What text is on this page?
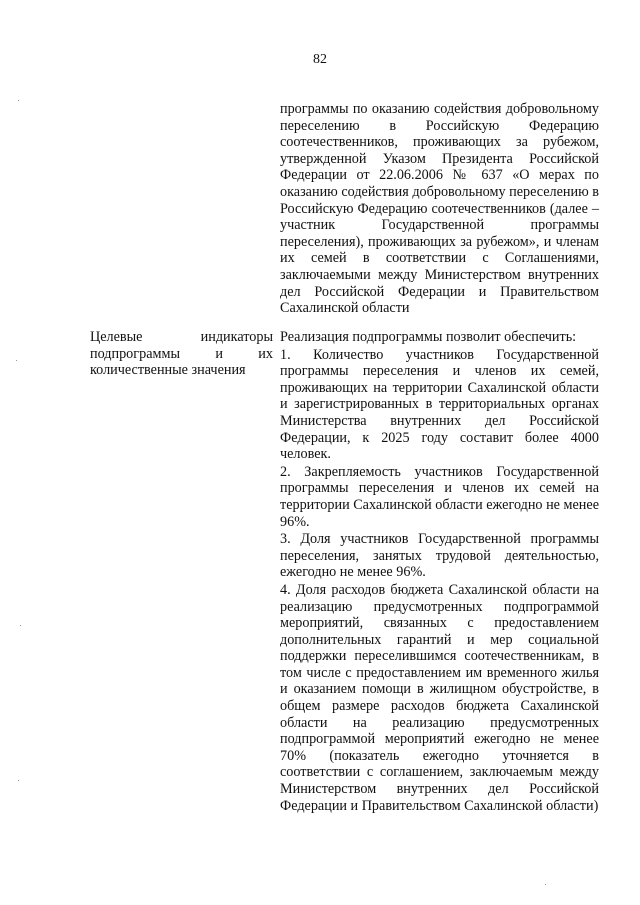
82

программы по оказанию содействия добровольному переселению в Российскую Федерацию соотечественников, проживающих за рубежом, утвержденной Указом Президента Российской Федерации от 22.06.2006 № 637 «О мерах по оказанию содействия добровольному переселению в Российскую Федерацию соотечественников (далее – участник Государственной программы переселения), проживающих за рубежом», и членам их семей в соответствии с Соглашениями, заключаемыми между Министерством внутренних дел Российской Федерации и Правительством Сахалинской области

Целевые индикаторы подпрограммы и их количественные значения

Реализация подпрограммы позволит обеспечить:

1. Количество участников Государственной программы переселения и членов их семей, проживающих на территории Сахалинской области и зарегистрированных в территориальных органах Министерства внутренних дел Российской Федерации, к 2025 году составит более 4000 человек.

2. Закрепляемость участников Государственной программы переселения и членов их семей на территории Сахалинской области ежегодно не менее 96%.

3. Доля участников Государственной программы переселения, занятых трудовой деятельностью, ежегодно не менее 96%.

4. Доля расходов бюджета Сахалинской области на реализацию предусмотренных подпрограммой мероприятий, связанных с предоставлением дополнительных гарантий и мер социальной поддержки переселившимся соотечественникам, в том числе с предоставлением им временного жилья и оказанием помощи в жилищном обустройстве, в общем размере расходов бюджета Сахалинской области на реализацию предусмотренных подпрограммой мероприятий ежегодно не менее 70% (показатель ежегодно уточняется в соответствии с соглашением, заключаемым между Министерством внутренних дел Российской Федерации и Правительством Сахалинской области)
